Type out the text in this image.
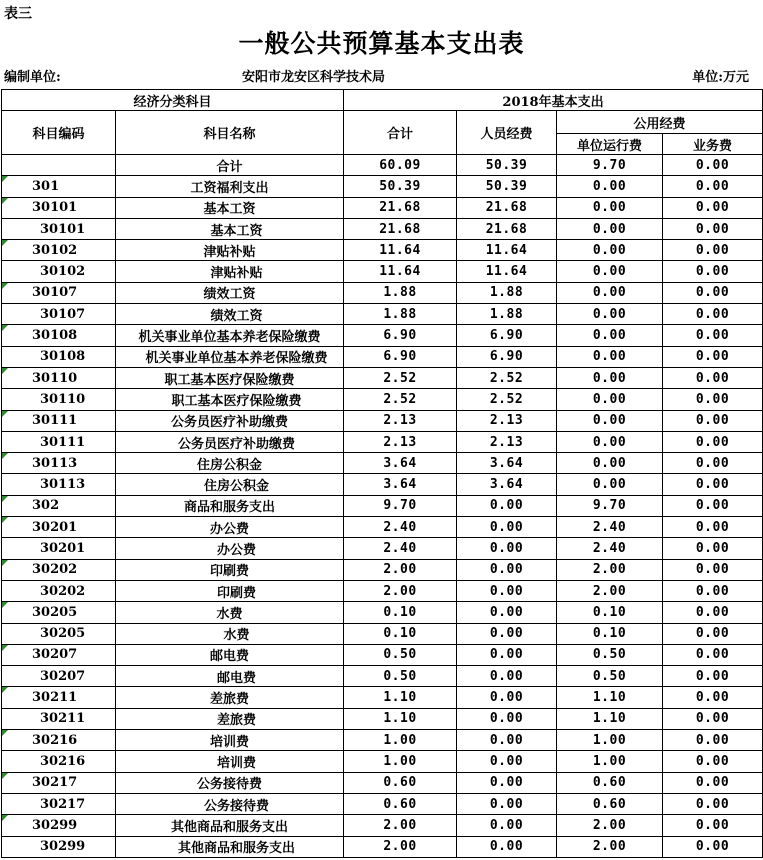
表三
一般公共预算基本支出表
编制单位:	安阳市龙安区科学技术局	单位:万元
经济分类科目		2018年基本支出			
科目编码	科目名称	合计	人员经费	公用经费	
				单位运行费	业务费
	合计	60.09	50.39	9.70	0.00
301	工资福利支出	50.39	50.39	0.00	0.00
30101	基本工资	21.68	21.68	0.00	0.00
30101	基本工资	21.68	21.68	0.00	0.00
30102	津贴补贴	11.64	11.64	0.00	0.00
30102	津贴补贴	11.64	11.64	0.00	0.00
30107	绩效工资	1.88	1.88	0.00	0.00
30107	绩效工资	1.88	1.88	0.00	0.00
30108	机关事业单位基本养老保险缴费	6.90	6.90	0.00	0.00
30108	机关事业单位基本养老保险缴费	6.90	6.90	0.00	0.00
30110	职工基本医疗保险缴费	2.52	2.52	0.00	0.00
30110	职工基本医疗保险缴费	2.52	2.52	0.00	0.00
30111	公务员医疗补助缴费	2.13	2.13	0.00	0.00
30111	公务员医疗补助缴费	2.13	2.13	0.00	0.00
30113	住房公积金	3.64	3.64	0.00	0.00
30113	住房公积金	3.64	3.64	0.00	0.00
302	商品和服务支出	9.70	0.00	9.70	0.00
30201	办公费	2.40	0.00	2.40	0.00
30201	办公费	2.40	0.00	2.40	0.00
30202	印刷费	2.00	0.00	2.00	0.00
30202	印刷费	2.00	0.00	2.00	0.00
30205	水费	0.10	0.00	0.10	0.00
30205	水费	0.10	0.00	0.10	0.00
30207	邮电费	0.50	0.00	0.50	0.00
30207	邮电费	0.50	0.00	0.50	0.00
30211	差旅费	1.10	0.00	1.10	0.00
30211	差旅费	1.10	0.00	1.10	0.00
30216	培训费	1.00	0.00	1.00	0.00
30216	培训费	1.00	0.00	1.00	0.00
30217	公务接待费	0.60	0.00	0.60	0.00
30217	公务接待费	0.60	0.00	0.60	0.00
30299	其他商品和服务支出	2.00	0.00	2.00	0.00
30299	其他商品和服务支出	2.00	0.00	2.00	0.00
